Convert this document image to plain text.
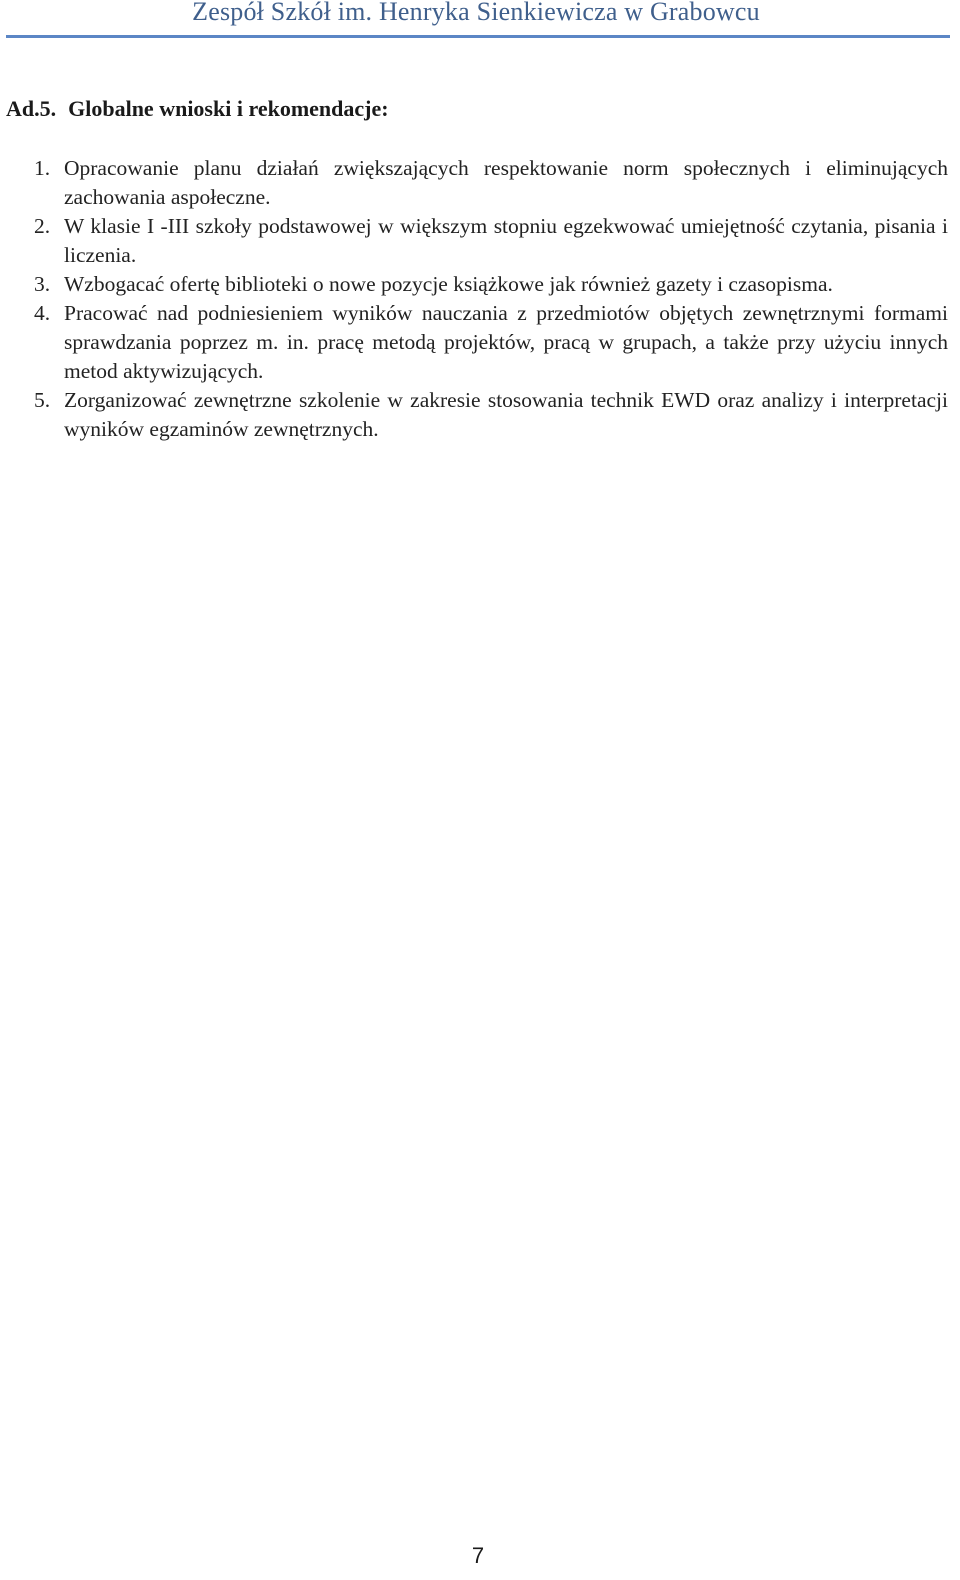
Zespół Szkół im. Henryka Sienkiewicza w Grabowcu
Ad.5. Globalne wnioski i rekomendacje:
1. Opracowanie planu działań zwiększających respektowanie norm społecznych i eliminujących zachowania aspołeczne.
2. W klasie I -III szkoły podstawowej w większym stopniu egzekwować umiejętność czytania, pisania i liczenia.
3. Wzbogacać ofertę biblioteki o nowe pozycje książkowe jak również gazety i czasopisma.
4. Pracować nad podniesieniem wyników nauczania z przedmiotów objętych zewnętrznymi formami sprawdzania poprzez m. in. pracę metodą projektów, pracą w grupach, a także przy użyciu innych metod aktywizujących.
5. Zorganizować zewnętrzne szkolenie w zakresie stosowania technik EWD oraz analizy i interpretacji wyników egzaminów zewnętrznych.
7
